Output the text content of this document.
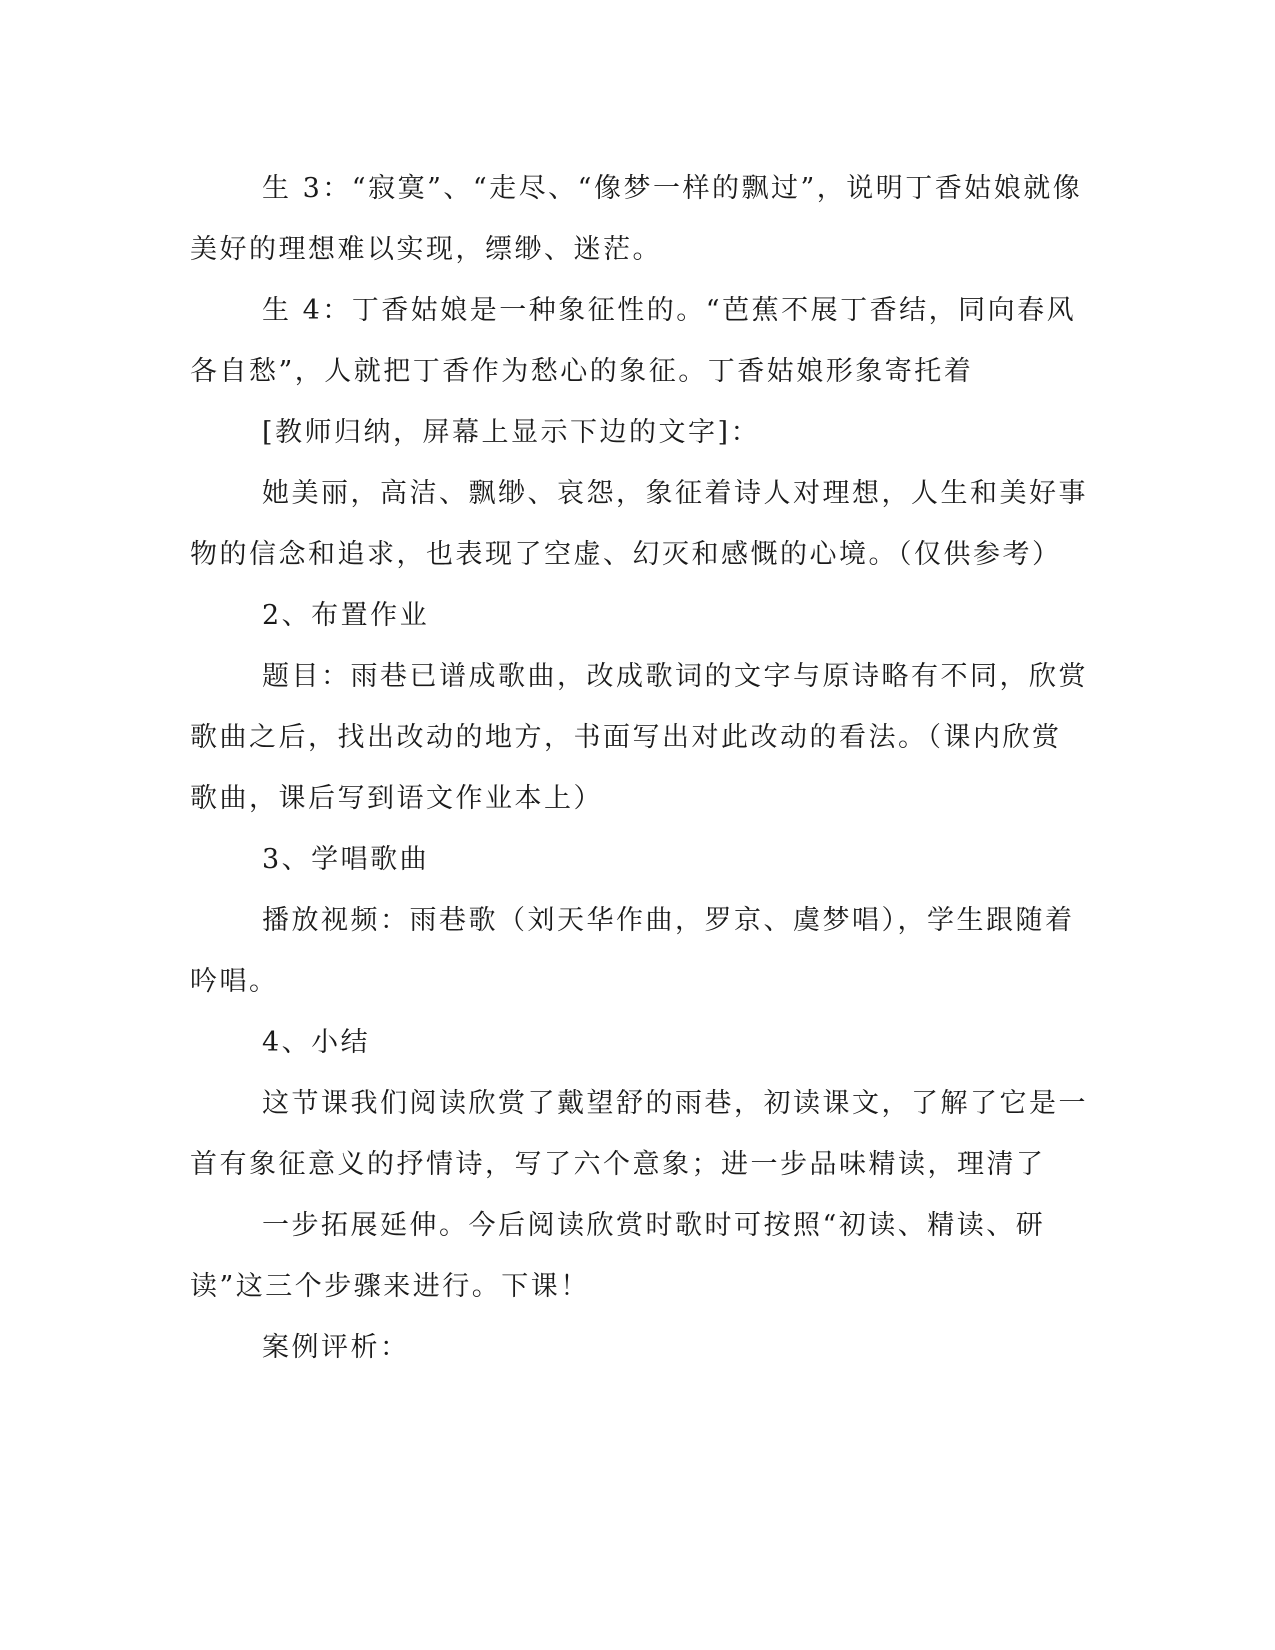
生 3：“寂寞”、“走尽、“像梦一样的飘过”，说明丁香姑娘就像美好的理想难以实现，缥缈、迷茫。

生 4：丁香姑娘是一种象征性的。“芭蕉不展丁香结，同向春风各自愁”，人就把丁香作为愁心的象征。丁香姑娘形象寄托着

[教师归纳，屏幕上显示下边的文字]：

她美丽，高洁、飘缈、哀怨，象征着诗人对理想，人生和美好事物的信念和追求，也表现了空虚、幻灭和感慨的心境。（仅供参考）

2、布置作业

题目：雨巷已谱成歌曲，改成歌词的文字与原诗略有不同，欣赏歌曲之后，找出改动的地方，书面写出对此改动的看法。（课内欣赏歌曲，课后写到语文作业本上）

3、学唱歌曲

播放视频：雨巷歌（刘天华作曲，罗京、虞梦唱），学生跟随着吟唱。

4、小结

这节课我们阅读欣赏了戴望舒的雨巷，初读课文，了解了它是一首有象征意义的抒情诗，写了六个意象；进一步品味精读，理清了

一步拓展延伸。今后阅读欣赏时歌时可按照“初读、精读、研读”这三个步骤来进行。下课！

案例评析：
